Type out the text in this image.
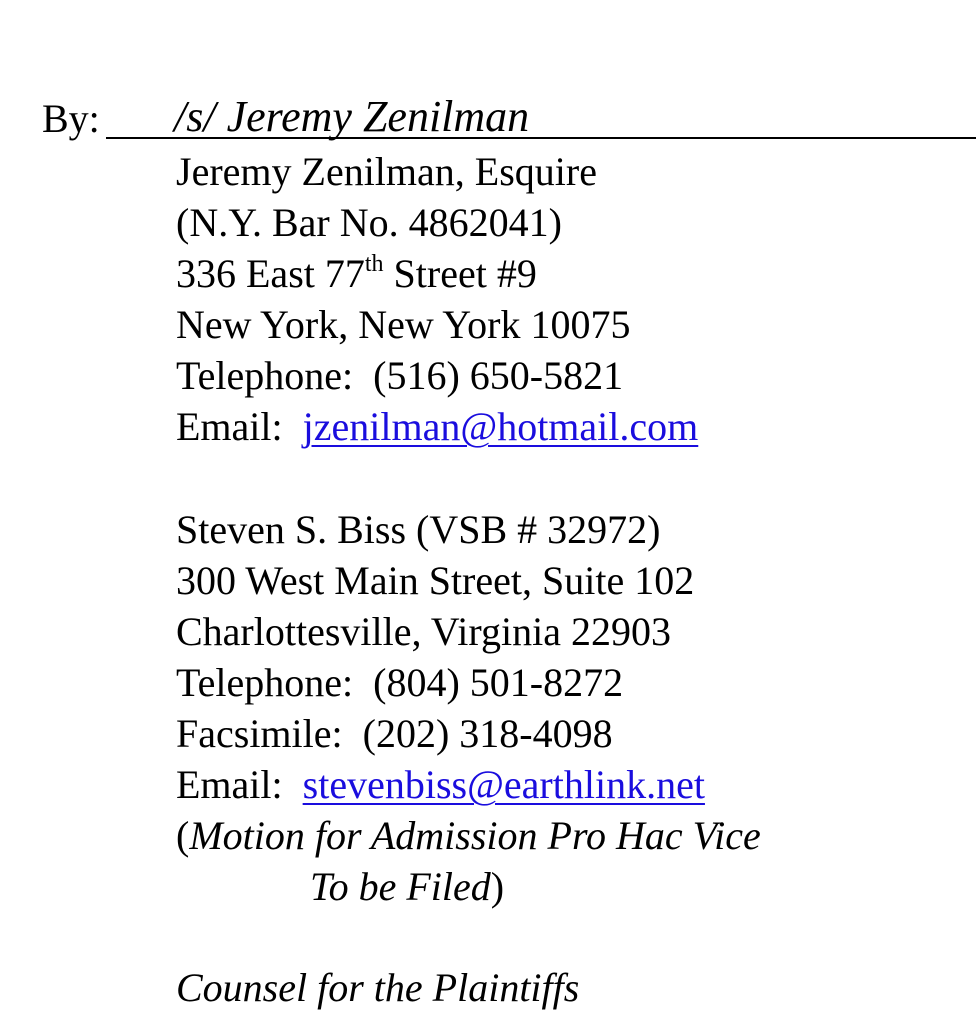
By: /s/ Jeremy Zenilman
Jeremy Zenilman, Esquire
(N.Y. Bar No. 4862041)
336 East 77th Street #9
New York, New York 10075
Telephone: (516) 650-5821
Email: jzenilman@hotmail.com
Steven S. Biss (VSB # 32972)
300 West Main Street, Suite 102
Charlottesville, Virginia 22903
Telephone: (804) 501-8272
Facsimile: (202) 318-4098
Email: stevenbiss@earthlink.net
(Motion for Admission Pro Hac Vice
To be Filed)
Counsel for the Plaintiffs
